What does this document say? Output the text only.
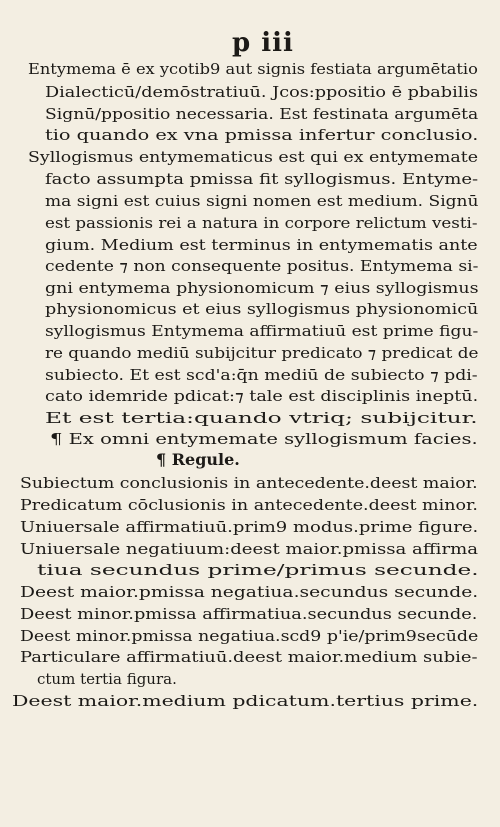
p iii
Entymema ē ex ycotib9 aut signis festiata argumētatio
Dialecticū/demōstratiuū. Jcos:ppositio ē pbabilis
Signū/ppositio necessaria. Est festinata argumēta
tio quando ex vna pmissa infertur conclusio.
Syllogismus entymematicus est qui ex entymemate
facto assumpta pmissa fit syllogismus. Entyme-
ma signi est cuius signi nomen est medium. Signū
est passionis rei a natura in corpore relictum vesti-
gium. Medium est terminus in entymematis ante
cedente ⁊ non consequente positus. Entymema si-
gni entymema physionomicum ⁊ eius syllogismus
physionomicus et eius syllogismus physionomicū
syllogismus Entymema affirmatiuū est prime figu-
re quando mediū subijcitur predicato ⁊ predicat de
subiecto. Et est scd'a:q̄n mediū de subiecto ⁊ pdi-
cato idemride pdicat:⁊ tale est disciplinis ineptū.
Et est tertia:quando vtriq; subijcitur.
¶ Ex omni entymemate syllogismum facies.
¶ Regule.
Subiectum conclusionis in antecedente.deest maior.
Predicatum cōclusionis in antecedente.deest minor.
Uniuersale affirmatiuū.prim9 modus.prime figure.
Uniuersale negatiuum:deest maior.pmissa affirma
tiua secundus prime/primus secunde.
Deest maior.pmissa negatiua.secundus secunde.
Deest minor.pmissa affirmatiua.secundus secunde.
Deest minor.pmissa negatiua.scd9 p'ie/prim9secūde
Particulare affirmatiuū.deest maior.medium subie-
ctum tertia figura.
Deest maior.medium pdicatum.tertius prime.
